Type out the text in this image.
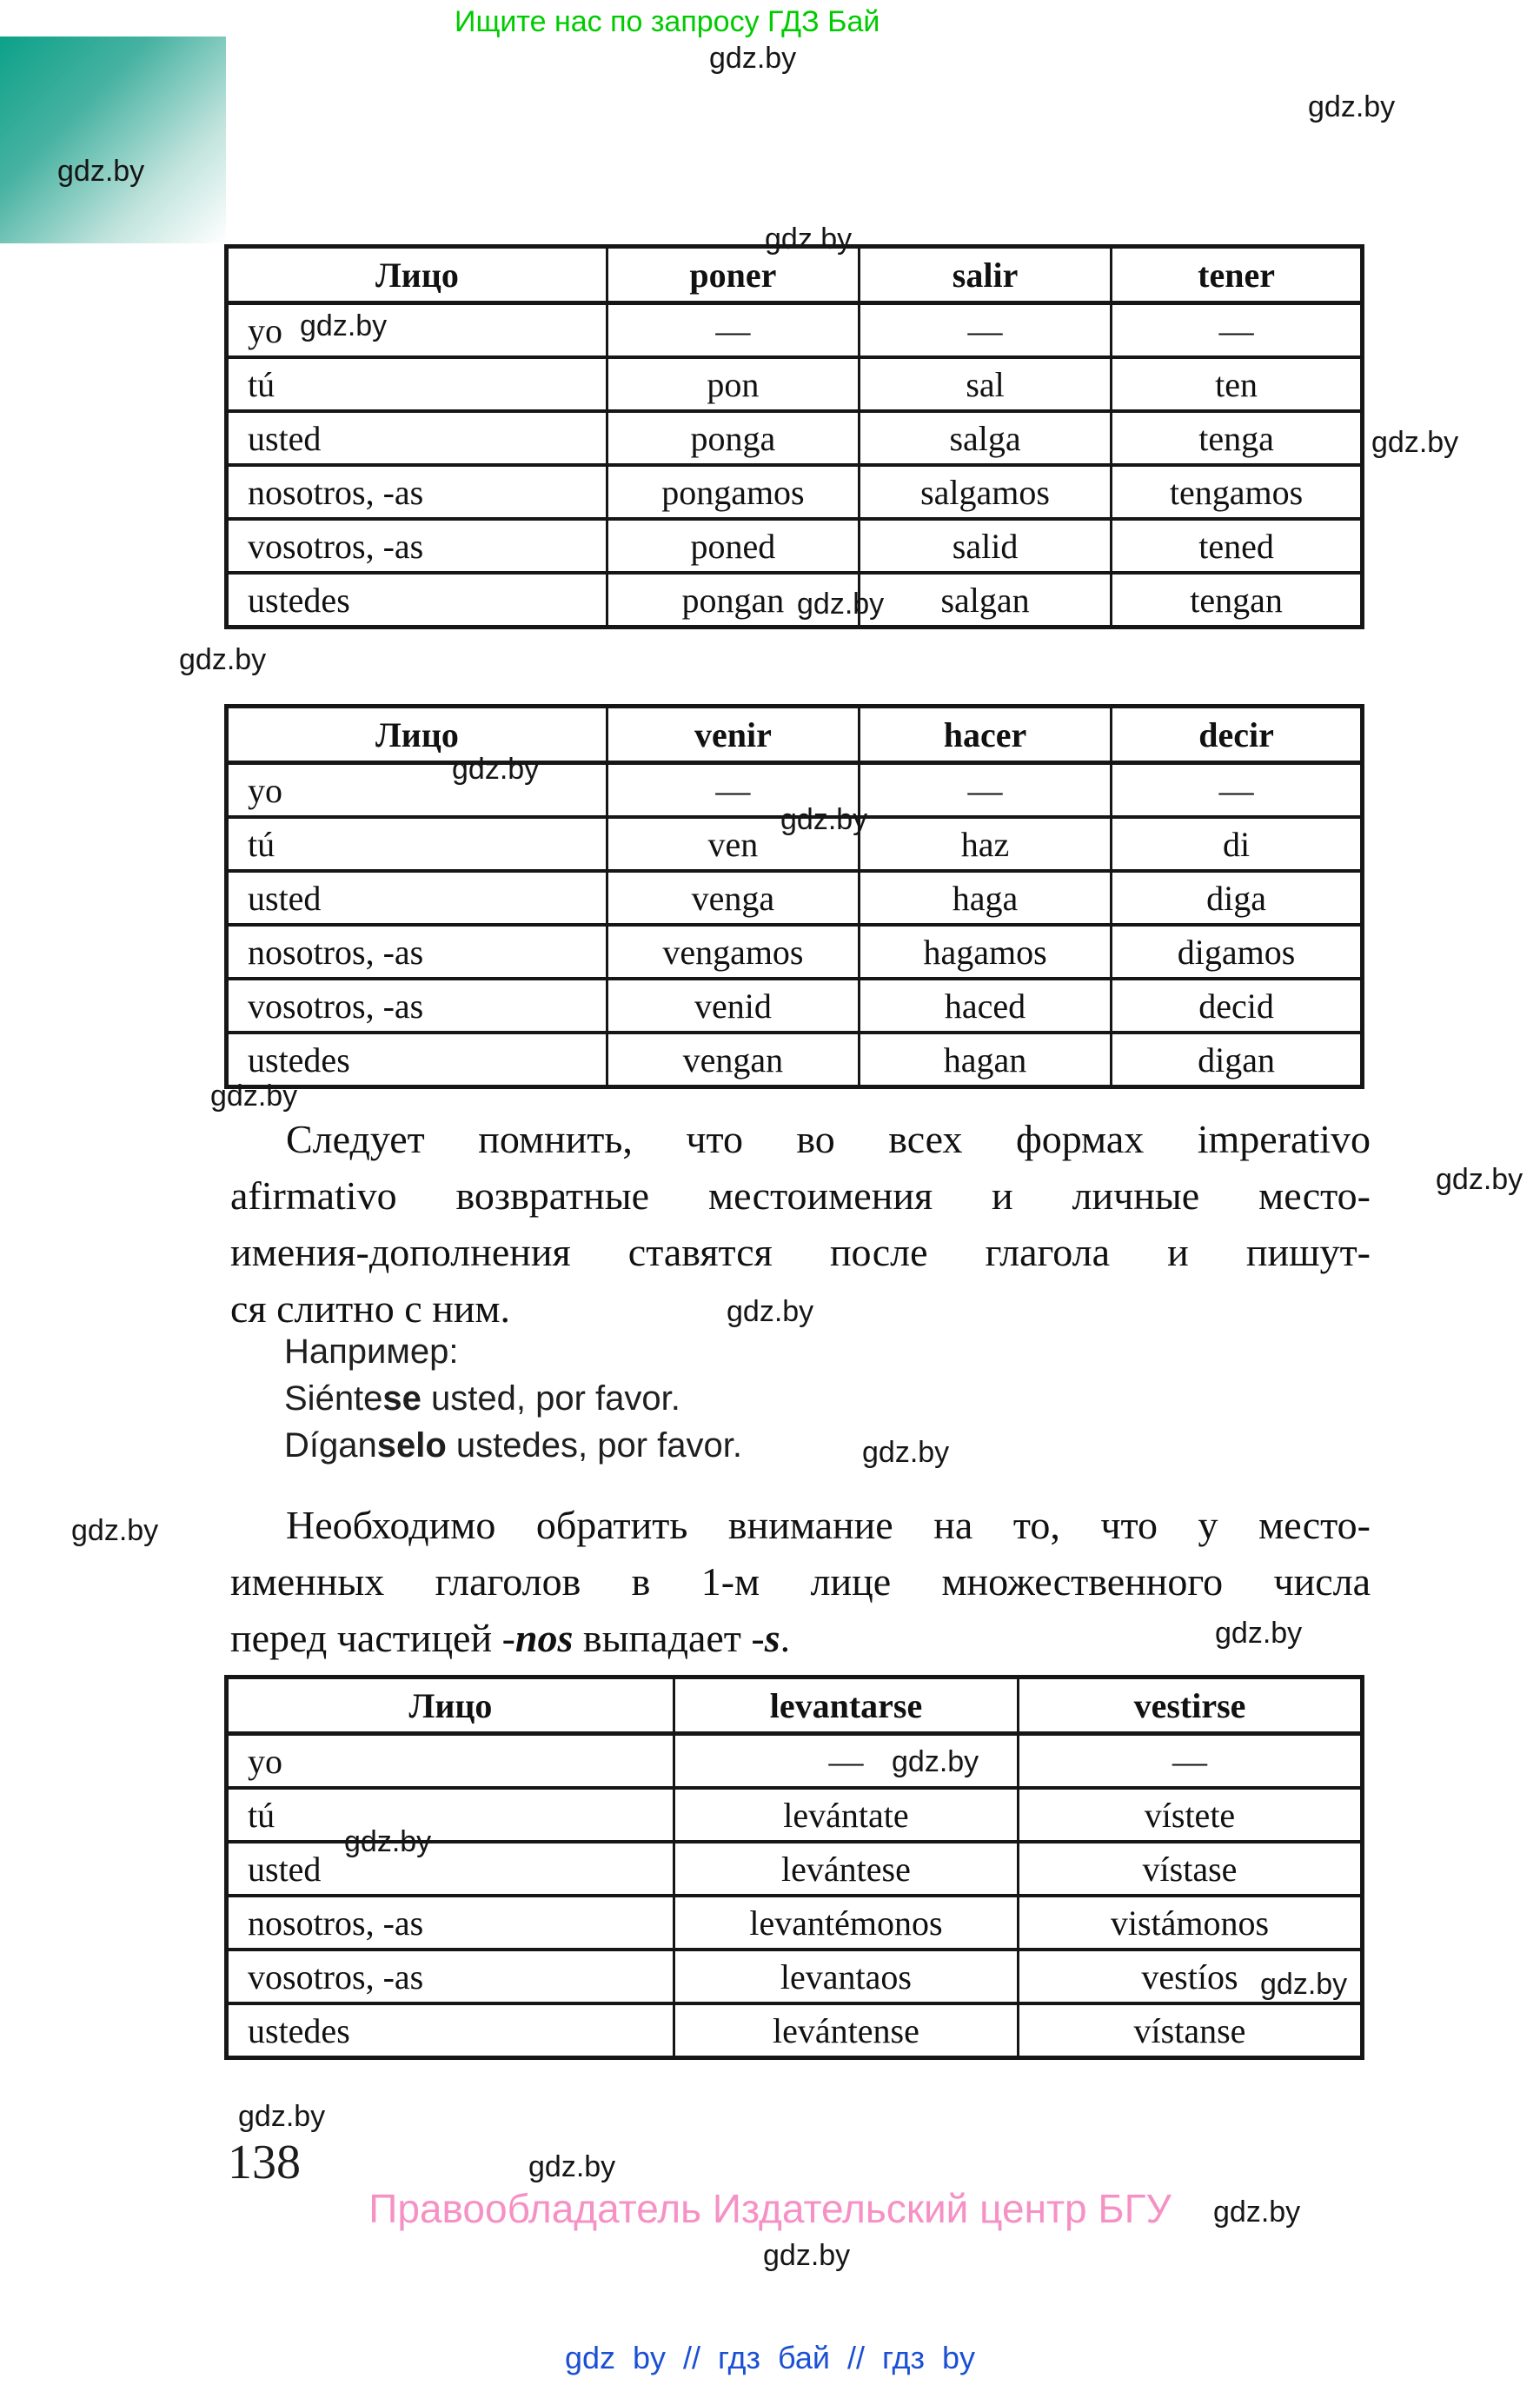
Ищите нас по запросу ГДЗ Бай
gdz.by
gdz.by
gdz.by
gdz.by
gdz.by
gdz.by
gdz.by
gdz.by
gdz.by
gdz.by
gdz.by
gdz.by
gdz.by
gdz.by
gdz.by
gdz.by
gdz.by
gdz.by
gdz.by
gdz.by
gdz.by
gdz.by
gdz.by
Лицо	poner	salir	tener
yo	—	—	—
tú	pon	sal	ten
usted	ponga	salga	tenga
nosotros, -as	pongamos	salgamos	tengamos
vosotros, -as	poned	salid	tened
ustedes	pongan	salgan	tengan
Лицо	venir	hacer	decir
yo	—	—	—
tú	ven	haz	di
usted	venga	haga	diga
nosotros, -as	vengamos	hagamos	digamos
vosotros, -as	venid	haced	decid
ustedes	vengan	hagan	digan
Следует помнить, что во всех формах imperativo
afirmativo возвратные местоимения и личные место-
имения-дополнения ставятся после глагола и пишут-
ся слитно с ним.
Например:
Siéntese usted, por favor.
Díganselo ustedes, por favor.
Необходимо обратить внимание на то, что у место-
именных глаголов в 1-м лице множественного числа
перед частицей -nos выпадает -s.
Лицо	levantarse	vestirse
yo	—	—
tú	levántate	vístete
usted	levántese	vístase
nosotros, -as	levantémonos	vistámonos
vosotros, -as	levantaos	vestíos
ustedes	levántense	vístanse
138
Правообладатель Издательский центр БГУ
gdz by // гдз бай // гдз by
